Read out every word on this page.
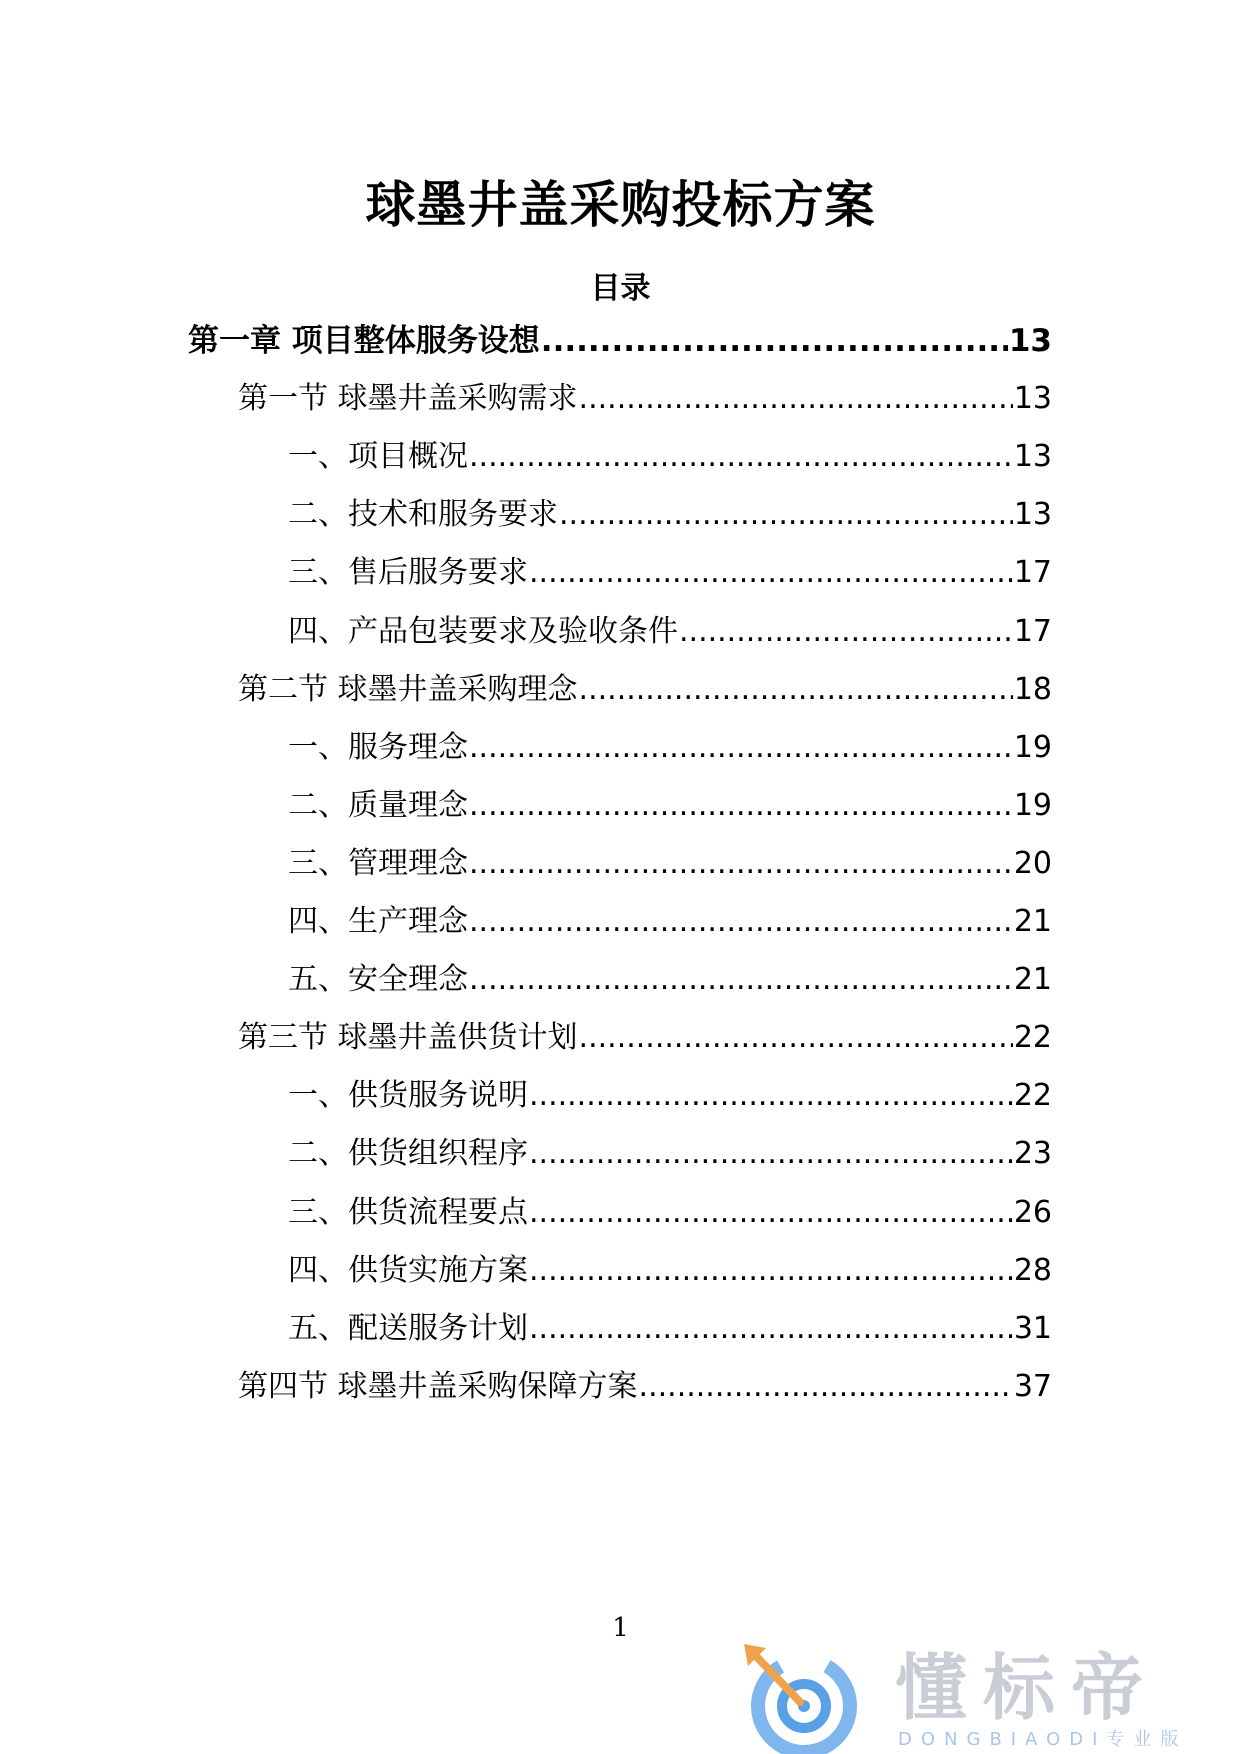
球墨井盖采购投标方案
目录
第一章 项目整体服务设想 .....	13
第一节 球墨井盖采购需求 .....	13
一、项目概况 .....	13
二、技术和服务要求 .....	13
三、售后服务要求 .....	17
四、产品包装要求及验收条件 .....	17
第二节 球墨井盖采购理念 .....	18
一、服务理念 .....	19
二、质量理念 .....	19
三、管理理念 .....	20
四、生产理念 .....	21
五、安全理念 .....	21
第三节 球墨井盖供货计划 .....	22
一、供货服务说明 .....	22
二、供货组织程序 .....	23
三、供货流程要点 .....	26
四、供货实施方案 .....	28
五、配送服务计划 .....	31
第四节 球墨井盖采购保障方案 .....	37
1
懂标帝
DONGBIAODI专业版
